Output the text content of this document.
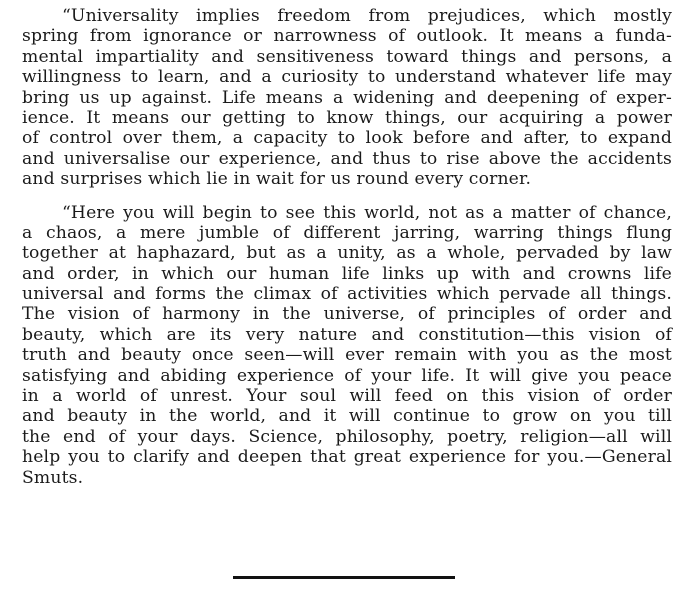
“Universality implies freedom from prejudices, which mostly
spring from ignorance or narrowness of outlook. It means a funda-
mental impartiality and sensitiveness toward things and persons, a
willingness to learn, and a curiosity to understand whatever life may
bring us up against. Life means a widening and deepening of exper-
ience. It means our getting to know things, our acquiring a power
of control over them, a capacity to look before and after, to expand
and universalise our experience, and thus to rise above the accidents
and surprises which lie in wait for us round every corner.
“Here you will begin to see this world, not as a matter of chance,
a chaos, a mere jumble of different jarring, warring things flung
together at haphazard, but as a unity, as a whole, pervaded by law
and order, in which our human life links up with and crowns life
universal and forms the climax of activities which pervade all things.
The vision of harmony in the universe, of principles of order and
beauty, which are its very nature and constitution—this vision of
truth and beauty once seen—will ever remain with you as the most
satisfying and abiding experience of your life. It will give you peace
in a world of unrest. Your soul will feed on this vision of order
and beauty in the world, and it will continue to grow on you till
the end of your days. Science, philosophy, poetry, religion—all will
help you to clarify and deepen that great experience for you.—General
Smuts.
